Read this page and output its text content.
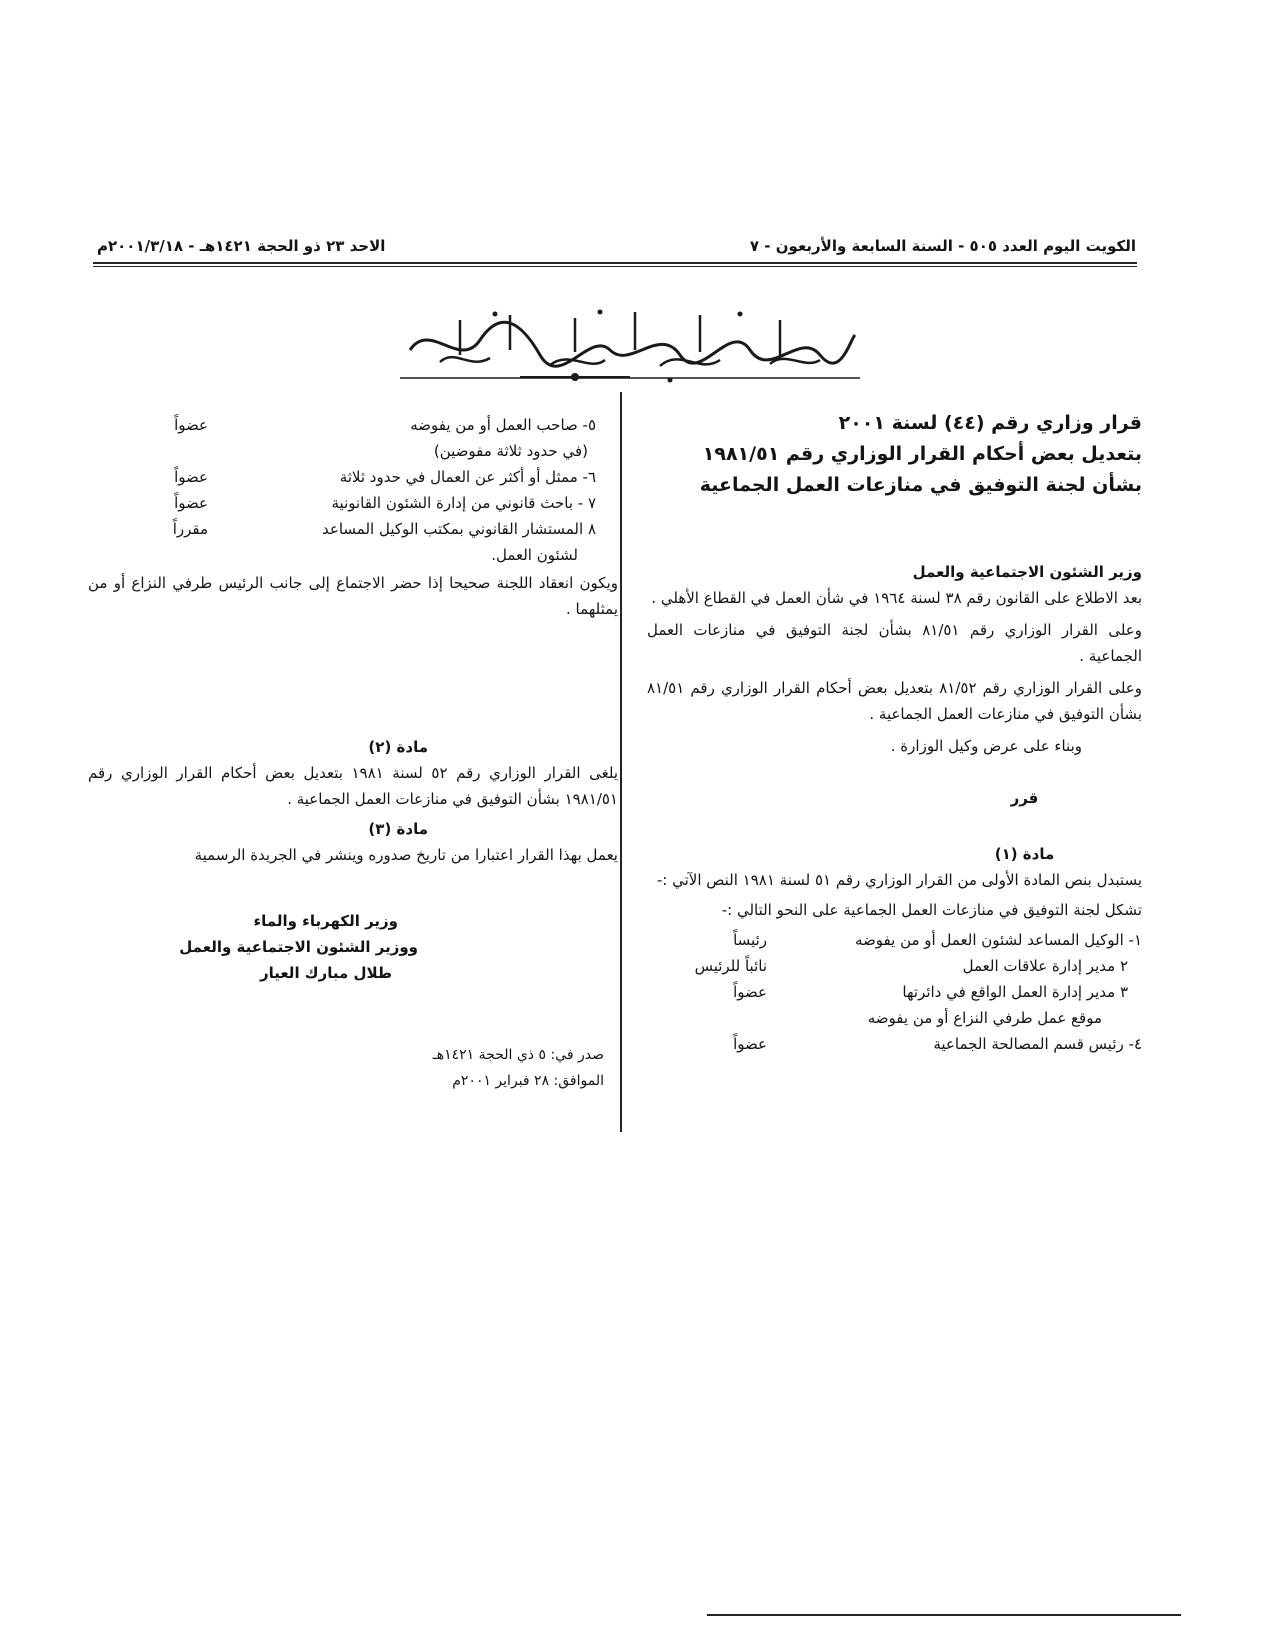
الكويت اليوم العدد ٥٠٥ - السنة السابعة والأربعون - ٧
الاحد ٢٣ ذو الحجة ١٤٢١هـ - ٢٠٠١/٣/١٨م

قرار وزاري رقم (٤٤) لسنة ٢٠٠١

بتعديل بعض أحكام القرار الوزاري رقم ١٩٨١/٥١

بشأن لجنة التوفيق في منازعات العمل الجماعية

وزير الشئون الاجتماعية والعمل

بعد الاطلاع على القانون رقم ٣٨ لسنة ١٩٦٤ في شأن العمل في القطاع الأهلي .

وعلى القرار الوزاري رقم ٨١/٥١ بشأن لجنة التوفيق في منازعات العمل الجماعية .

وعلى القرار الوزاري رقم ٨١/٥٢ بتعديل بعض أحكام القرار الوزاري رقم ٨١/٥١ بشأن التوفيق في منازعات العمل الجماعية .

وبناء على عرض وكيل الوزارة .

قرر

مادة (١)

يستبدل بنص المادة الأولى من القرار الوزاري رقم ٥١ لسنة ١٩٨١ النص الآتي :-

تشكل لجنة التوفيق في منازعات العمل الجماعية على النحو التالي :-

١- الوكيل المساعد لشئون العمل أو من يفوضه
رئيساً
٢ مدير إدارة علاقات العمل
نائباً للرئيس
٣ مدير إدارة العمل الواقع في دائرتها
عضواً
موقع عمل طرفي النزاع أو من يفوضه
٤- رئيس قسم المصالحة الجماعية
عضواً
٥- صاحب العمل أو من يفوضه
عضواً
(في حدود ثلاثة مفوضين)
٦- ممثل أو أكثر عن العمال في حدود ثلاثة
عضواً
٧ - باحث قانوني من إدارة الشئون القانونية
عضواً
٨ المستشار القانوني بمكتب الوكيل المساعد
مقرراً
لشئون العمل.

ويكون انعقاد اللجنة صحيحا إذا حضر الاجتماع إلى جانب الرئيس طرفي النزاع أو من يمثلهما .

مادة (٢)

يلغى القرار الوزاري رقم ٥٢ لسنة ١٩٨١ بتعديل بعض أحكام القرار الوزاري رقم ١٩٨١/٥١ بشأن التوفيق في منازعات العمل الجماعية .

مادة (٣)

يعمل بهذا القرار اعتبارا من تاريخ صدوره وينشر في الجريدة الرسمية

وزير الكهرباء والماء

ووزير الشئون الاجتماعية والعمل

طلال مبارك العيار

صدر في: ٥ ذي الحجة ١٤٢١هـ

الموافق: ٢٨ فبراير ٢٠٠١م
